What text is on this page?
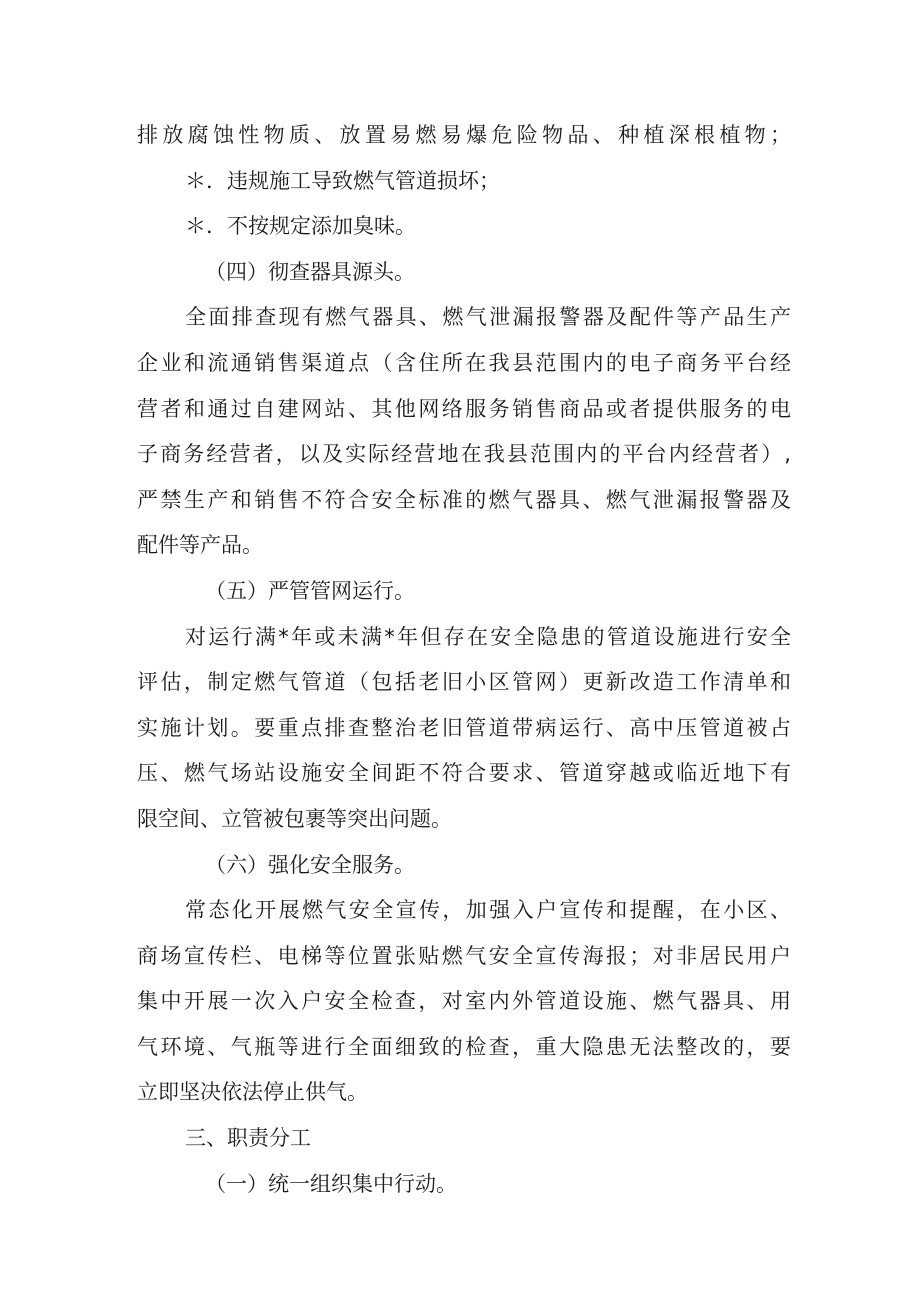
排放腐蚀性物质、放置易燃易爆危险物品、种植深根植物；
＊．违规施工导致燃气管道损坏；
＊．不按规定添加臭味。
（四）彻查器具源头。
全面排查现有燃气器具、燃气泄漏报警器及配件等产品生产
企业和流通销售渠道点（含住所在我县范围内的电子商务平台经
营者和通过自建网站、其他网络服务销售商品或者提供服务的电
子商务经营者，以及实际经营地在我县范围内的平台内经营者）,
严禁生产和销售不符合安全标准的燃气器具、燃气泄漏报警器及
配件等产品。
（五）严管管网运行。
对运行满*年或未满*年但存在安全隐患的管道设施进行安全
评估，制定燃气管道（包括老旧小区管网）更新改造工作清单和
实施计划。要重点排查整治老旧管道带病运行、高中压管道被占
压、燃气场站设施安全间距不符合要求、管道穿越或临近地下有
限空间、立管被包裹等突出问题。
（六）强化安全服务。
常态化开展燃气安全宣传，加强入户宣传和提醒，在小区、
商场宣传栏、电梯等位置张贴燃气安全宣传海报；对非居民用户
集中开展一次入户安全检查，对室内外管道设施、燃气器具、用
气环境、气瓶等进行全面细致的检查，重大隐患无法整改的，要
立即坚决依法停止供气。
三、职责分工
（一）统一组织集中行动。
